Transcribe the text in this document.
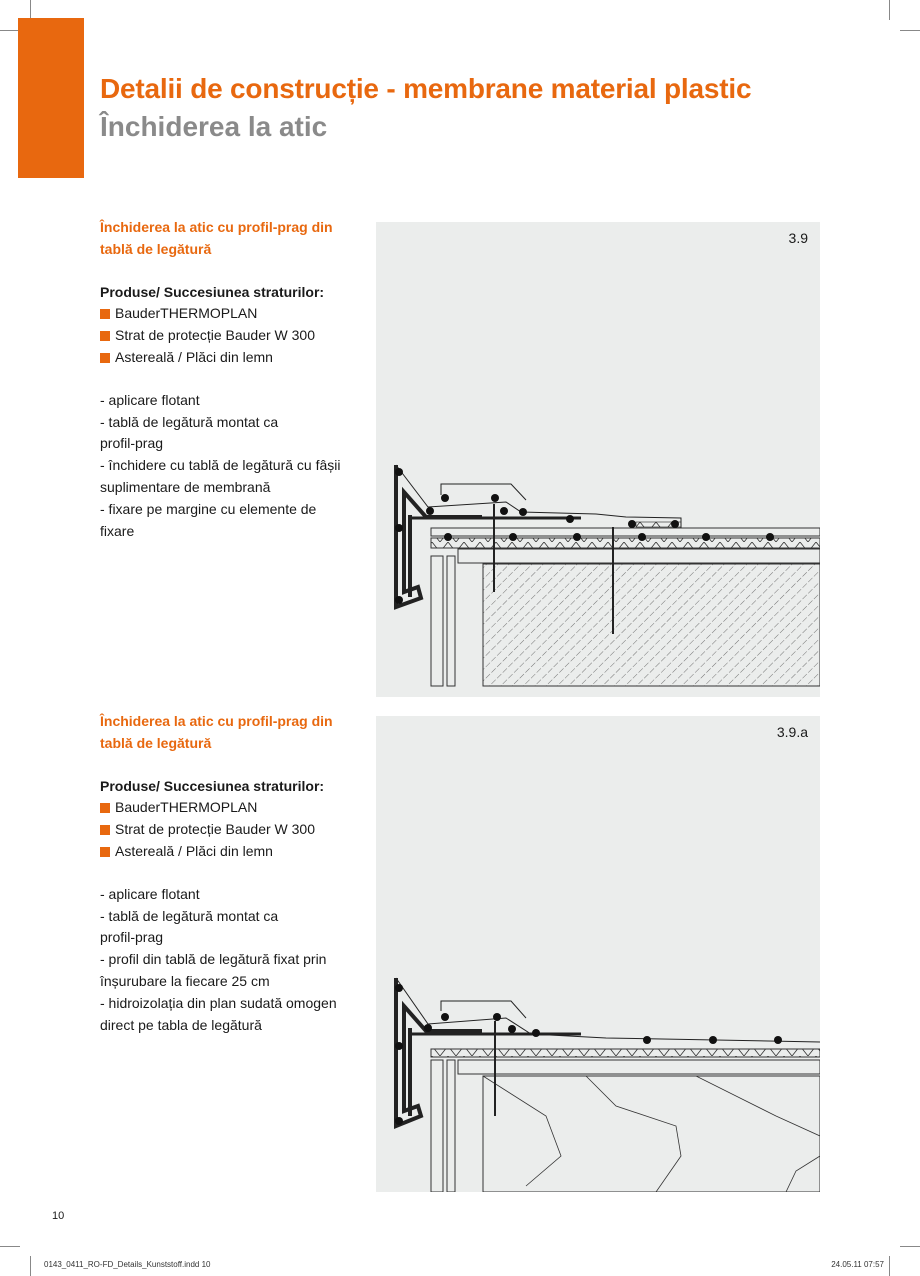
Detalii de construcție - membrane material plastic
Închiderea la atic
Închiderea la atic cu profil-prag din
tablă de legătură
Produse/ Succesiunea straturilor:
BauderTHERMOPLAN
Strat de protecție Bauder W 300
Astereală / Plăci din lemn
- aplicare flotant
- tablă de legătură montat ca
profil-prag
- închidere cu tablă de legătură cu fâșii
suplimentare de membrană
- fixare pe margine cu elemente de
fixare
Închiderea la atic cu profil-prag din
tablă de legătură
Produse/ Succesiunea straturilor:
BauderTHERMOPLAN
Strat de protecție Bauder W 300
Astereală / Plăci din lemn
- aplicare flotant
- tablă de legătură montat ca
profil-prag
- profil din tablă de legătură fixat prin
înșurubare la fiecare 25 cm
- hidroizolația din plan sudată omogen
direct pe tabla de legătură
3.9
3.9.a
10
0143_0411_RO-FD_Details_Kunststoff.indd 10	24.05.11 07:57
